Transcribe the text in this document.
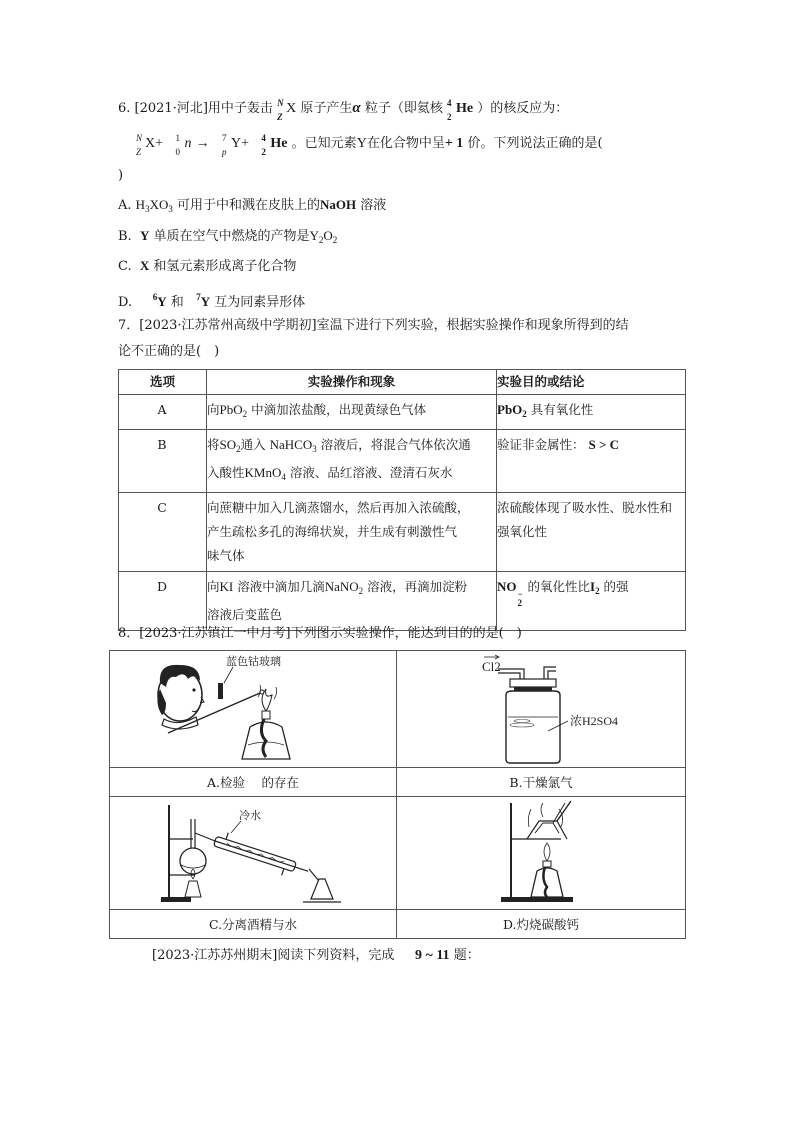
6. [2021·河北]用中子轰击 N
Z
X 原子产生α 粒子（即氦核 4
2
He ）的核反应为：
N
Z
X+ 1
0
n → 7
p
Y+ 4
2
He 。已知元素Y在化合物中呈+ 1 价。下列说法正确的是(
)
A. $H_3XO_3$ 可用于中和溅在皮肤上的NaOH 溶液
B. Y 单质在空气中燃烧的产物是$Y_2O_2$
C. X 和氢元素形成离子化合物
D. $^6$Y 和 $^7$Y 互为同素异形体
7．[2023·江苏常州高级中学期初]室温下进行下列实验，根据实验操作和现象所得到的结
论不正确的是(　)
选项	实验操作和现象	实验目的或结论
A	向PbO$_2$ 中滴加浓盐酸，出现黄绿色气体	PbO$_2$ 具有氧化性
B	将$SO_2$通入 NaHCO$_3$ 溶液后，将混合气体依次通
入酸性KMnO$_4$ 溶液、品红溶液、澄清石灰水	验证非金属性： S > C
C	向蔗糖中加入几滴蒸馏水，然后再加入浓硫酸，
产生疏松多孔的海绵状炭，并生成有刺激性气
味气体	浓硫酸体现了吸水性、脱水性和
强氧化性
D	向KI 溶液中滴加几滴NaNO$_2$ 溶液，再滴加淀粉
溶液后变蓝色	NO −
2
的氧化性比$I_2$ 的强
8．[2023·江苏镇江一中月考]下列图示实验操作，能达到目的的是(　)
蓝色钴玻璃	Cl2
浓H2SO4

A.检验　 的存在	B.干燥氯气

冷水

C.分离酒精与水	D.灼烧碳酸钙
[2023·江苏苏州期末]阅读下列资料，完成 9 ~ 11 题：
